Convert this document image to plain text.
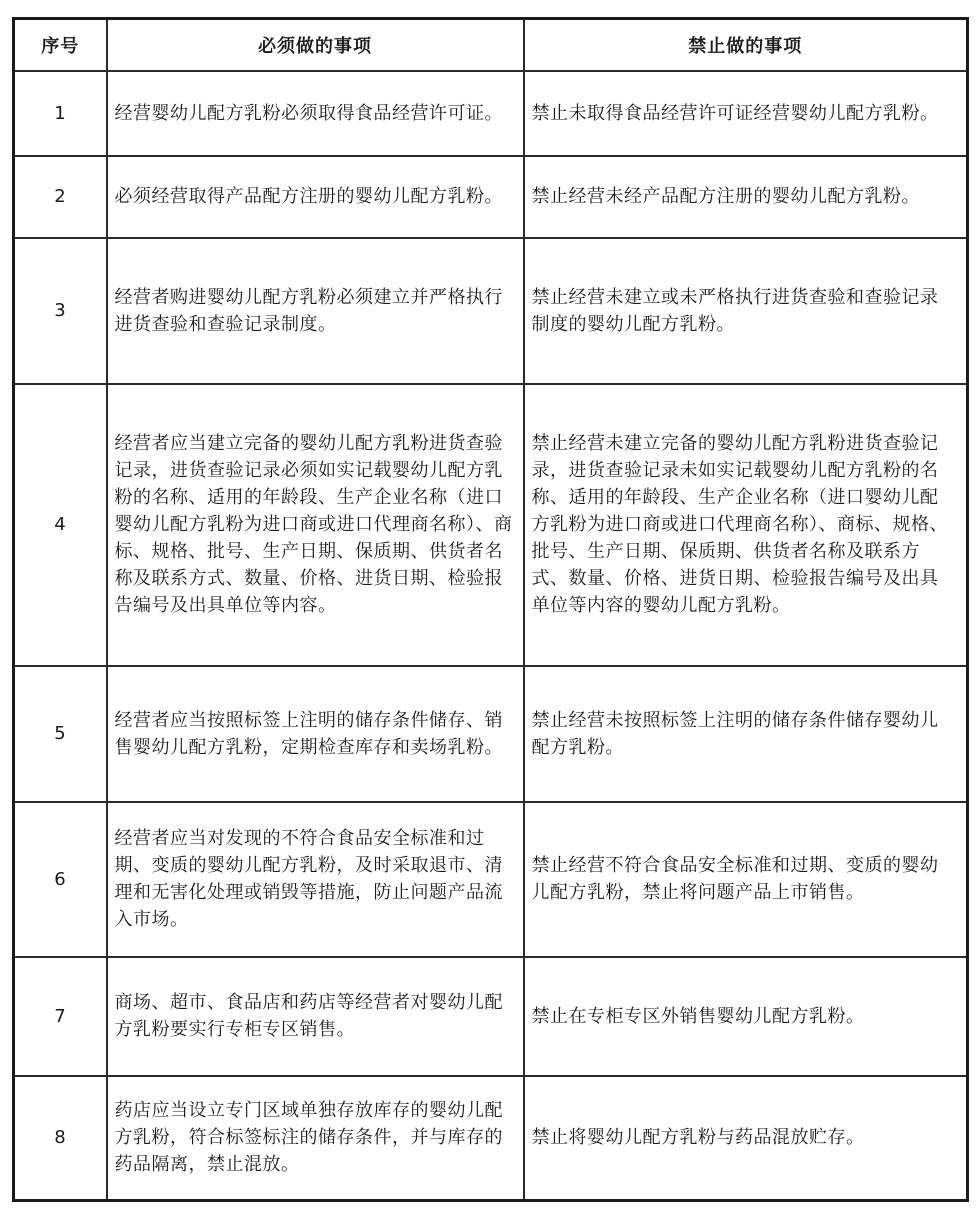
序号	必须做的事项	禁止做的事项
1	经营婴幼儿配方乳粉必须取得食品经营许可证。	禁止未取得食品经营许可证经营婴幼儿配方乳粉。
2	必须经营取得产品配方注册的婴幼儿配方乳粉。	禁止经营未经产品配方注册的婴幼儿配方乳粉。
3	经营者购进婴幼儿配方乳粉必须建立并严格执行进货查验和查验记录制度。	禁止经营未建立或未严格执行进货查验和查验记录制度的婴幼儿配方乳粉。
4	经营者应当建立完备的婴幼儿配方乳粉进货查验记录，进货查验记录必须如实记载婴幼儿配方乳粉的名称、适用的年龄段、生产企业名称（进口婴幼儿配方乳粉为进口商或进口代理商名称）、商标、规格、批号、生产日期、保质期、供货者名称及联系方式、数量、价格、进货日期、检验报告编号及出具单位等内容。	禁止经营未建立完备的婴幼儿配方乳粉进货查验记录，进货查验记录未如实记载婴幼儿配方乳粉的名称、适用的年龄段、生产企业名称（进口婴幼儿配方乳粉为进口商或进口代理商名称）、商标、规格、批号、生产日期、保质期、供货者名称及联系方式、数量、价格、进货日期、检验报告编号及出具单位等内容的婴幼儿配方乳粉。
5	经营者应当按照标签上注明的储存条件储存、销售婴幼儿配方乳粉，定期检查库存和卖场乳粉。	禁止经营未按照标签上注明的储存条件储存婴幼儿配方乳粉。
6	经营者应当对发现的不符合食品安全标准和过期、变质的婴幼儿配方乳粉，及时采取退市、清理和无害化处理或销毁等措施，防止问题产品流入市场。	禁止经营不符合食品安全标准和过期、变质的婴幼儿配方乳粉，禁止将问题产品上市销售。
7	商场、超市、食品店和药店等经营者对婴幼儿配方乳粉要实行专柜专区销售。	禁止在专柜专区外销售婴幼儿配方乳粉。
8	药店应当设立专门区域单独存放库存的婴幼儿配方乳粉，符合标签标注的储存条件，并与库存的药品隔离，禁止混放。	禁止将婴幼儿配方乳粉与药品混放贮存。
